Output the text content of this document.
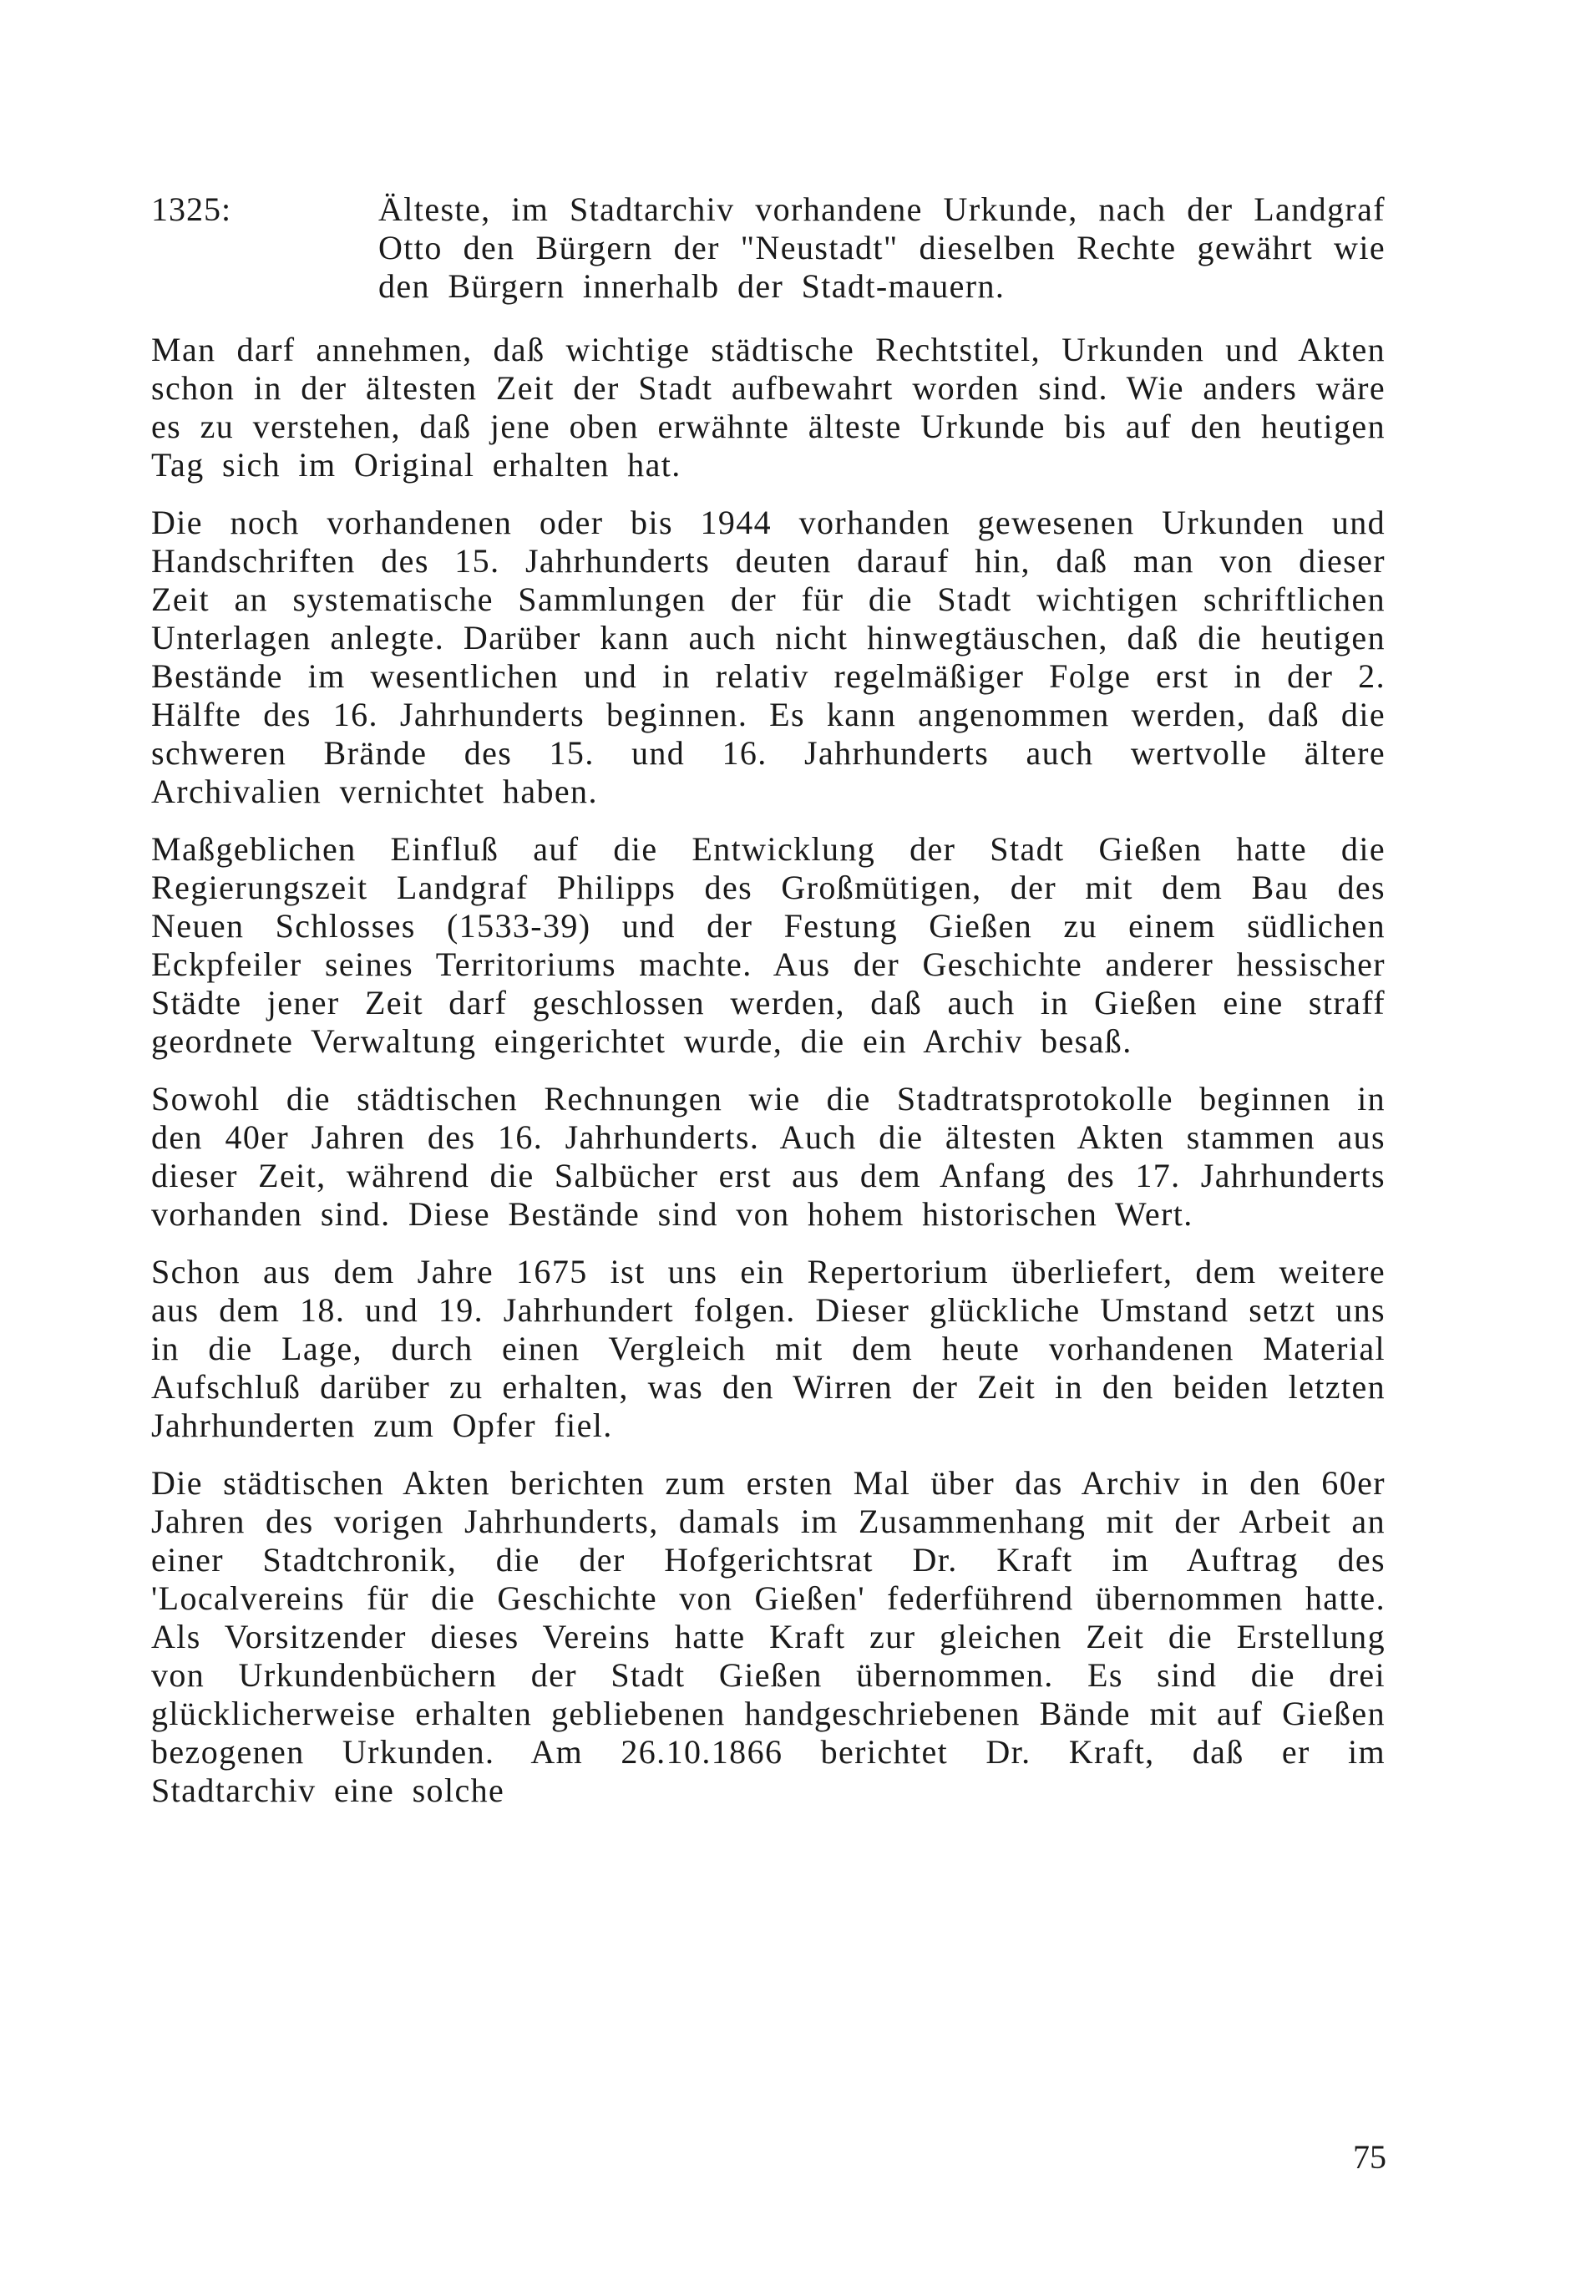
1325:	Älteste, im Stadtarchiv vorhandene Urkunde, nach der Landgraf Otto den Bürgern der "Neustadt" dieselben Rechte gewährt wie den Bürgern innerhalb der Stadt-mauern.

Man darf annehmen, daß wichtige städtische Rechtstitel, Urkunden und Akten schon in der ältesten Zeit der Stadt aufbewahrt worden sind. Wie anders wäre es zu verstehen, daß jene oben erwähnte älteste Urkunde bis auf den heutigen Tag sich im Original erhalten hat.

Die noch vorhandenen oder bis 1944 vorhanden gewesenen Urkunden und Handschriften des 15. Jahrhunderts deuten darauf hin, daß man von dieser Zeit an systematische Sammlungen der für die Stadt wichtigen schriftlichen Unterlagen anlegte. Darüber kann auch nicht hinwegtäuschen, daß die heutigen Bestände im wesentlichen und in relativ regelmäßiger Folge erst in der 2. Hälfte des 16. Jahrhunderts beginnen. Es kann angenommen werden, daß die schweren Brände des 15. und 16. Jahrhunderts auch wertvolle ältere Archivalien vernichtet haben.

Maßgeblichen Einfluß auf die Entwicklung der Stadt Gießen hatte die Regierungszeit Landgraf Philipps des Großmütigen, der mit dem Bau des Neuen Schlosses (1533-39) und der Festung Gießen zu einem südlichen Eckpfeiler seines Territoriums machte. Aus der Geschichte anderer hessischer Städte jener Zeit darf geschlossen werden, daß auch in Gießen eine straff geordnete Verwaltung eingerichtet wurde, die ein Archiv besaß.

Sowohl die städtischen Rechnungen wie die Stadtratsprotokolle beginnen in den 40er Jahren des 16. Jahrhunderts. Auch die ältesten Akten stammen aus dieser Zeit, während die Salbücher erst aus dem Anfang des 17. Jahrhunderts vorhanden sind. Diese Bestände sind von hohem historischen Wert.

Schon aus dem Jahre 1675 ist uns ein Repertorium überliefert, dem weitere aus dem 18. und 19. Jahrhundert folgen. Dieser glückliche Umstand setzt uns in die Lage, durch einen Vergleich mit dem heute vorhandenen Material Aufschluß darüber zu erhalten, was den Wirren der Zeit in den beiden letzten Jahrhunderten zum Opfer fiel.

Die städtischen Akten berichten zum ersten Mal über das Archiv in den 60er Jahren des vorigen Jahrhunderts, damals im Zusammenhang mit der Arbeit an einer Stadtchronik, die der Hofgerichtsrat Dr. Kraft im Auftrag des 'Localvereins für die Geschichte von Gießen' federführend übernommen hatte. Als Vorsitzender dieses Vereins hatte Kraft zur gleichen Zeit die Erstellung von Urkundenbüchern der Stadt Gießen übernommen. Es sind die drei glücklicherweise erhalten gebliebenen handgeschriebenen Bände mit auf Gießen bezogenen Urkunden. Am 26.10.1866 berichtet Dr. Kraft, daß er im Stadtarchiv eine solche

75
